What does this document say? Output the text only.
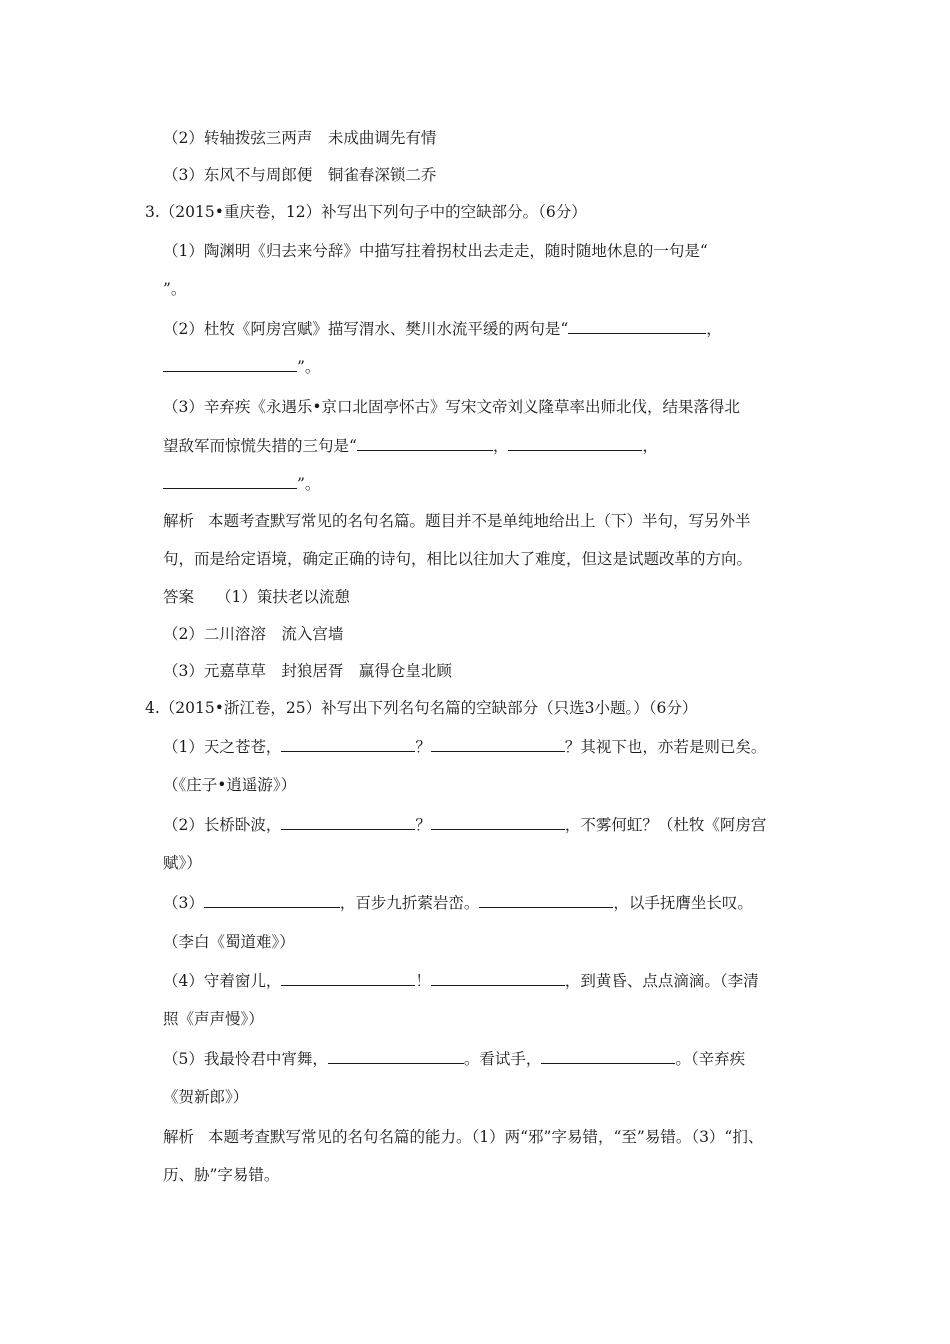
（2）转轴拨弦三两声　未成曲调先有情
（3）东风不与周郎便　铜雀春深锁二乔
3.（2015•重庆卷，12）补写出下列句子中的空缺部分。（6分）
（1）陶渊明《归去来兮辞》中描写拄着拐杖出去走走，随时随地休息的一句是“
”。
（2）杜牧《阿房宫赋》描写渭水、樊川水流平缓的两句是“	，
”。
（3）辛弃疾《永遇乐•京口北固亭怀古》写宋文帝刘义隆草率出师北伐，结果落得北
望敌军而惊慌失措的三句是“	，	，
”。
解析 本题考查默写常见的名句名篇。题目并不是单纯地给出上（下）半句，写另外半
句，而是给定语境，确定正确的诗句，相比以往加大了难度，但这是试题改革的方向。
答案 （1）策扶老以流憩
（2）二川溶溶　流入宫墙
（3）元嘉草草　封狼居胥　赢得仓皇北顾
4.（2015•浙江卷，25）补写出下列名句名篇的空缺部分（只选3小题。）（6分）
（1）天之苍苍，	？	？其视下也，亦若是则已矣。
（《庄子•逍遥游》）
（2）长桥卧波，	？	，不雾何虹？（杜牧《阿房宫
赋》）
（3）	，百步九折萦岩峦。	，以手抚膺坐长叹。
（李白《蜀道难》）
（4）守着窗儿，	！	，到黄昏、点点滴滴。（李清
照《声声慢》）
（5）我最怜君中宵舞，	。看试手，	。（辛弃疾
《贺新郎》）
解析 本题考查默写常见的名句名篇的能力。（1）两“邪”字易错，“至”易错。（3）“扪、
历、胁”字易错。
